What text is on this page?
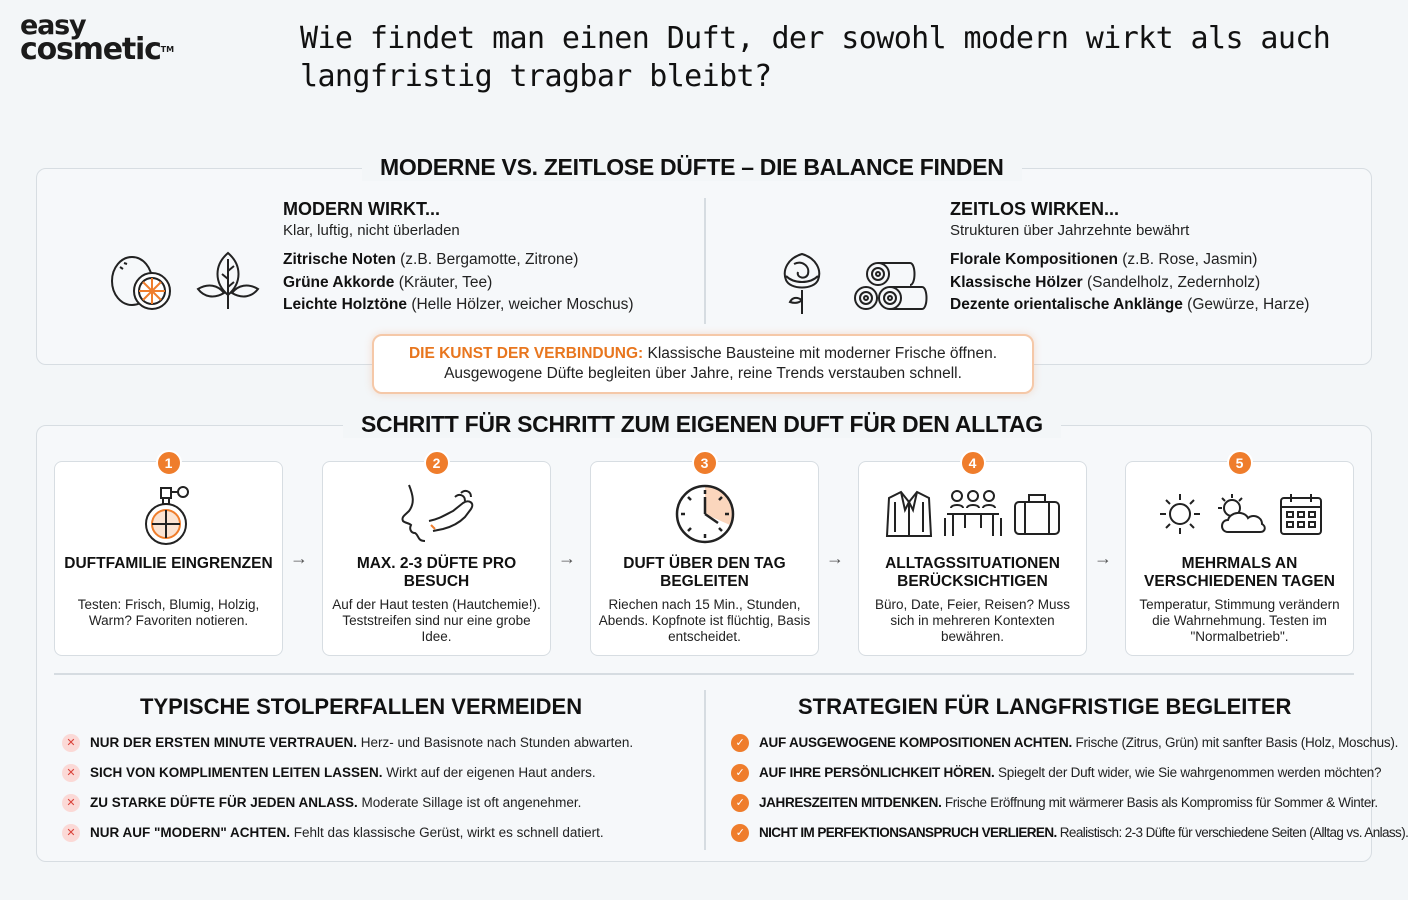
easy
cosmetic™	Wie findet man einen Duft, der sowohl modern wirkt als auch langfristig tragbar bleibt?
MODERNE VS. ZEITLOSE DÜFTE – DIE BALANCE FINDEN
MODERN WIRKT...
Klar, luftig, nicht überladen
Zitrische Noten (z.B. Bergamotte, Zitrone)
Grüne Akkorde (Kräuter, Tee)
Leichte Holztöne (Helle Hölzer, weicher Moschus)
ZEITLOS WIRKEN...
Strukturen über Jahrzehnte bewährt
Florale Kompositionen (z.B. Rose, Jasmin)
Klassische Hölzer (Sandelholz, Zedernholz)
Dezente orientalische Anklänge (Gewürze, Harze)
DIE KUNST DER VERBINDUNG: Klassische Bausteine mit moderner Frische öffnen. Ausgewogene Düfte begleiten über Jahre, reine Trends verstauben schnell.
SCHRITT FÜR SCHRITT ZUM EIGENEN DUFT FÜR DEN ALLTAG
1
DUFTFAMILIE EINGRENZEN
Testen: Frisch, Blumig, Holzig, Warm? Favoriten notieren.
→
2
MAX. 2-3 DÜFTE PRO BESUCH
Auf der Haut testen (Hautchemie!). Teststreifen sind nur eine grobe Idee.
→
3
DUFT ÜBER DEN TAG BEGLEITEN
Riechen nach 15 Min., Stunden, Abends. Kopfnote ist flüchtig, Basis entscheidet.
→
4
ALLTAGSSITUATIONEN BERÜCKSICHTIGEN
Büro, Date, Feier, Reisen? Muss sich in mehreren Kontexten bewähren.
→
5
MEHRMALS AN VERSCHIEDENEN TAGEN
Temperatur, Stimmung verändern die Wahrnehmung. Testen im "Normalbetrieb".
TYPISCHE STOLPERFALLEN VERMEIDEN
✕	NUR DER ERSTEN MINUTE VERTRAUEN. Herz- und Basisnote nach Stunden abwarten.
✕	SICH VON KOMPLIMENTEN LEITEN LASSEN. Wirkt auf der eigenen Haut anders.
✕	ZU STARKE DÜFTE FÜR JEDEN ANLASS. Moderate Sillage ist oft angenehmer.
✕	NUR AUF "MODERN" ACHTEN. Fehlt das klassische Gerüst, wirkt es schnell datiert.
STRATEGIEN FÜR LANGFRISTIGE BEGLEITER
✓	AUF AUSGEWOGENE KOMPOSITIONEN ACHTEN. Frische (Zitrus, Grün) mit sanfter Basis (Holz, Moschus).
✓	AUF IHRE PERSÖNLICHKEIT HÖREN. Spiegelt der Duft wider, wie Sie wahrgenommen werden möchten?
✓	JAHRESZEITEN MITDENKEN. Frische Eröffnung mit wärmerer Basis als Kompromiss für Sommer & Winter.
✓	NICHT IM PERFEKTIONSANSPRUCH VERLIEREN. Realistisch: 2-3 Düfte für verschiedene Seiten (Alltag vs. Anlass).
